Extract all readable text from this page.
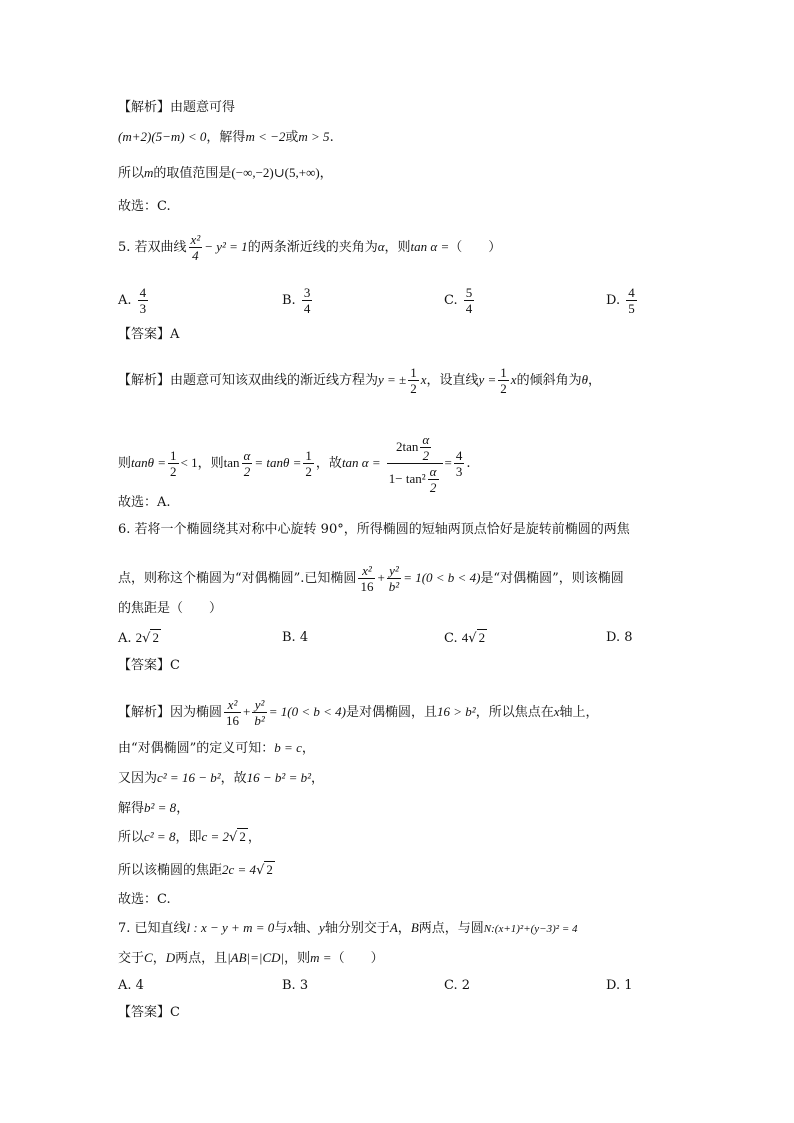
【解析】由题意可得
(m+2)(5−m) < 0，解得m < −2或m > 5.
所以m的取值范围是(−∞,−2)∪(5,+∞)，
故选：C.
5. 若双曲线 $\frac{\text{x²}}{4} - y^2 = 1$的两条渐近线的夹角为α，则tan α =（　　）
A. $\frac{4}{3}$	B. $\frac{3}{4}$	C. $\frac{5}{4}$	D. $\frac{4}{5}$
【答案】A
【解析】由题意可知该双曲线的渐近线方程为y = ± $\frac{1}{2}$ x，设直线$y = \frac{1}{2}$ x的倾斜角为θ，
则$\tan\theta = \frac{1}{2} < 1$，则$\tan \frac{\alpha}{2} = \tan\theta = \frac{1}{2}$ ，故$\tan \alpha = \frac{2\tan \frac{\alpha}{2}}{1- \tan^2 \frac{\alpha}{2}} = \frac{4}{3}$ .
故选：A.
6. 若将一个椭圆绕其对称中心旋转 90°，所得椭圆的短轴两顶点恰好是旋转前椭圆的两焦
点，则称这个椭圆为“对偶椭圆”.已知椭圆 $\frac{\text{x²}}{16} + \frac{\text{y²}}{\text{b²}} = 1(0 < b < 4)$是“对偶椭圆”，则该椭圆
的焦距是（　　）
A. 2√ 2	B. 4	C. 4√ 2	D. 8
【答案】C
【解析】因为椭圆 $\frac{\text{x²}}{16} + \frac{\text{y²}}{\text{b²}} = 1(0 < b < 4)$是对偶椭圆，且16 > b²，所以焦点在x轴上，
由“对偶椭圆”的定义可知：b = c，
又因为c² = 16 − b²，故16 − b² = b²，
解得b² = 8，
所以c² = 8，即c = 2√ 2 ，
所以该椭圆的焦距2c = 4√ 2
故选：C.
7. 已知直线l : x − y + m = 0与x轴、y轴分别交于A，B两点，与圆N:(x+1)²+(y−3)² = 4
交于C，D两点，且|AB|=|CD|，则m =（　　）
A. 4	B. 3	C. 2	D. 1
【答案】C
